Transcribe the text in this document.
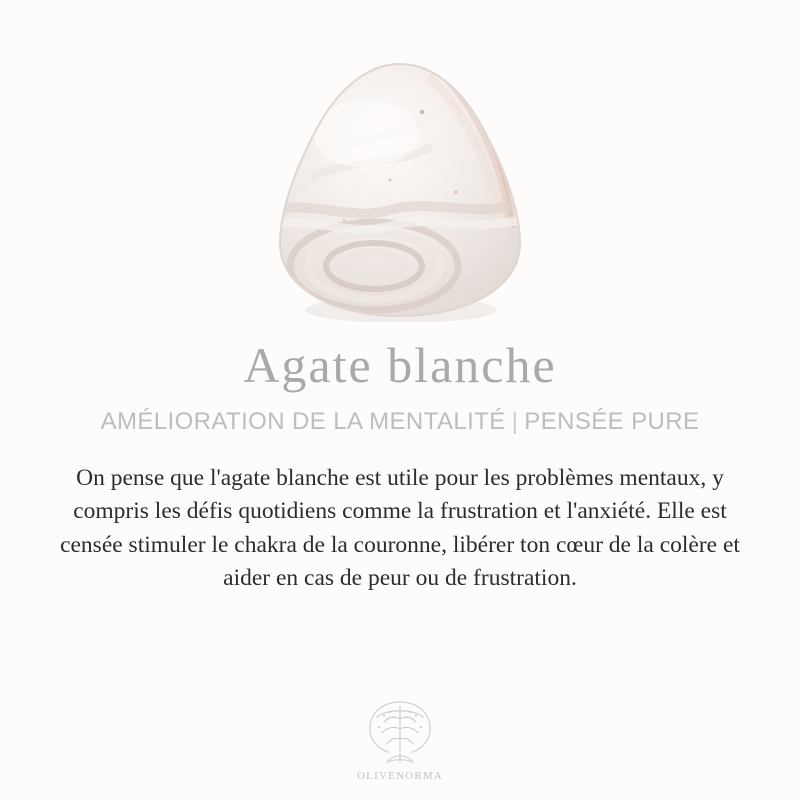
Agate blanche
AMÉLIORATION DE LA MENTALITÉ | PENSÉE PURE

On pense que l'agate blanche est utile pour les problèmes mentaux, y compris les défis quotidiens comme la frustration et l'anxiété. Elle est censée stimuler le chakra de la couronne, libérer ton cœur de la colère et aider en cas de peur ou de frustration.

OLIVENORMA
